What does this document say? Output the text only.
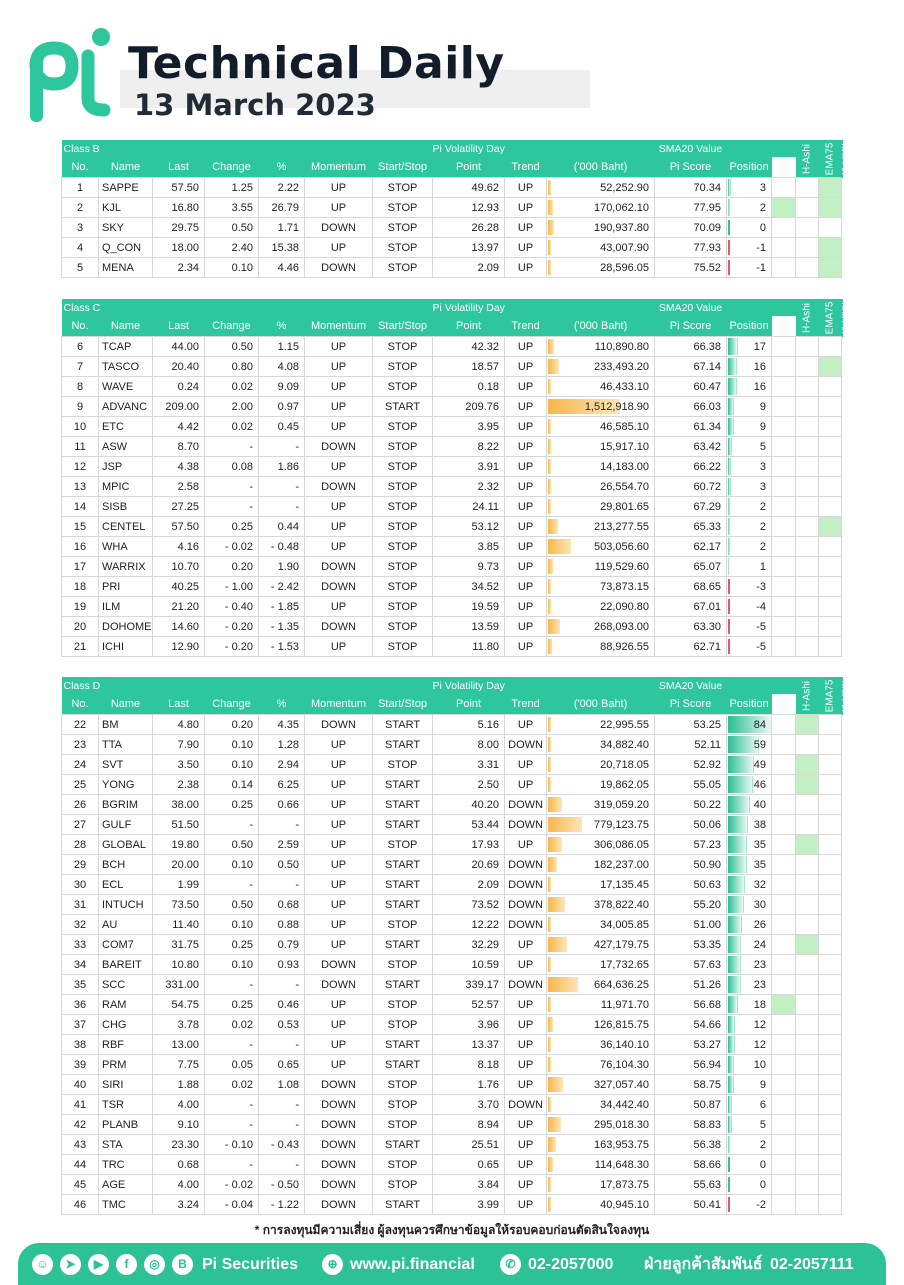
Technical Daily
13 March 2023
Class B							Pi Volatility Day			SMA20 Value			H-Ashi	EMA75

No.	Name	Last	Change	%	Momentum	Start/Stop	Point	Trend	('000 Baht)	Pi Score	Position				
1	SAPPE	57.50	1.25	2.22	UP	STOP	49.62	UP	52,252.90	70.34	3				
2	KJL	16.80	3.55	26.79	UP	STOP	12.93	UP	170,062.10	77.95	2				
3	SKY	29.75	0.50	1.71	DOWN	STOP	26.28	UP	190,937.80	70.09	0				
4	Q_CON	18.00	2.40	15.38	UP	STOP	13.97	UP	43,007.90	77.93	-1				
5	MENA	2.34	0.10	4.46	DOWN	STOP	2.09	UP	28,596.05	75.52	-1				
Class C							Pi Volatility Day			SMA20 Value			H-Ashi	EMA75

No.	Name	Last	Change	%	Momentum	Start/Stop	Point	Trend	('000 Baht)	Pi Score	Position				
6	TCAP	44.00	0.50	1.15	UP	STOP	42.32	UP	110,890.80	66.38	17				
7	TASCO	20.40	0.80	4.08	UP	STOP	18.57	UP	233,493.20	67.14	16				
8	WAVE	0.24	0.02	9.09	UP	STOP	0.18	UP	46,433.10	60.47	16				
9	ADVANC	209.00	2.00	0.97	UP	START	209.76	UP	1,512,918.90	66.03	9				
10	ETC	4.42	0.02	0.45	UP	STOP	3.95	UP	46,585.10	61.34	9				
11	ASW	8.70	-	-	DOWN	STOP	8.22	UP	15,917.10	63.42	5				
12	JSP	4.38	0.08	1.86	UP	STOP	3.91	UP	14,183.00	66.22	3				
13	MPIC	2.58	-	-	DOWN	STOP	2.32	UP	26,554.70	60.72	3				
14	SISB	27.25	-	-	UP	STOP	24.11	UP	29,801.65	67.29	2				
15	CENTEL	57.50	0.25	0.44	UP	STOP	53.12	UP	213,277.55	65.33	2				
16	WHA	4.16	- 0.02	- 0.48	UP	STOP	3.85	UP	503,056.60	62.17	2				
17	WARRIX	10.70	0.20	1.90	DOWN	STOP	9.73	UP	119,529.60	65.07	1				
18	PRI	40.25	- 1.00	- 2.42	DOWN	STOP	34.52	UP	73,873.15	68.65	-3				
19	ILM	21.20	- 0.40	- 1.85	UP	STOP	19.59	UP	22,090.80	67.01	-4				
20	DOHOME	14.60	- 0.20	- 1.35	DOWN	STOP	13.59	UP	268,093.00	63.30	-5				
21	ICHI	12.90	- 0.20	- 1.53	UP	STOP	11.80	UP	88,926.55	62.71	-5				
Class D							Pi Volatility Day			SMA20 Value			H-Ashi	EMA75

No.	Name	Last	Change	%	Momentum	Start/Stop	Point	Trend	('000 Baht)	Pi Score	Position				
22	BM	4.80	0.20	4.35	DOWN	START	5.16	UP	22,995.55	53.25	84				
23	TTA	7.90	0.10	1.28	UP	START	8.00	DOWN	34,882.40	52.11	59				
24	SVT	3.50	0.10	2.94	UP	STOP	3.31	UP	20,718.05	52.92	49				
25	YONG	2.38	0.14	6.25	UP	START	2.50	UP	19,862.05	55.05	46				
26	BGRIM	38.00	0.25	0.66	UP	START	40.20	DOWN	319,059.20	50.22	40				
27	GULF	51.50	-	-	UP	START	53.44	DOWN	779,123.75	50.06	38				
28	GLOBAL	19.80	0.50	2.59	UP	STOP	17.93	UP	306,086.05	57.23	35				
29	BCH	20.00	0.10	0.50	UP	START	20.69	DOWN	182,237.00	50.90	35				
30	ECL	1.99	-	-	UP	START	2.09	DOWN	17,135.45	50.63	32				
31	INTUCH	73.50	0.50	0.68	UP	START	73.52	DOWN	378,822.40	55.20	30				
32	AU	11.40	0.10	0.88	UP	STOP	12.22	DOWN	34,005.85	51.00	26				
33	COM7	31.75	0.25	0.79	UP	START	32.29	UP	427,179.75	53.35	24				
34	BAREIT	10.80	0.10	0.93	DOWN	STOP	10.59	UP	17,732.65	57.63	23				
35	SCC	331.00	-	-	DOWN	START	339.17	DOWN	664,636.25	51.26	23				
36	RAM	54.75	0.25	0.46	UP	STOP	52.57	UP	11,971.70	56.68	18				
37	CHG	3.78	0.02	0.53	UP	STOP	3.96	UP	126,815.75	54.66	12				
38	RBF	13.00	-	-	UP	START	13.37	UP	36,140.10	53.27	12				
39	PRM	7.75	0.05	0.65	UP	START	8.18	UP	76,104.30	56.94	10				
40	SIRI	1.88	0.02	1.08	DOWN	STOP	1.76	UP	327,057.40	58.75	9				
41	TSR	4.00	-	-	DOWN	STOP	3.70	DOWN	34,442.40	50.87	6				
42	PLANB	9.10	-	-	DOWN	STOP	8.94	UP	295,018.30	58.83	5				
43	STA	23.30	- 0.10	- 0.43	DOWN	START	25.51	UP	163,953.75	56.38	2				
44	TRC	0.68	-	-	DOWN	STOP	0.65	UP	114,648.30	58.66	0				
45	AGE	4.00	- 0.02	- 0.50	DOWN	STOP	3.84	UP	17,873.75	55.63	0				
46	TMC	3.24	- 0.04	- 1.22	DOWN	START	3.99	UP	40,945.10	50.41	-2				
* การลงทุนมีความเสี่ยง ผู้ลงทุนควรศึกษาข้อมูลให้รอบคอบก่อนตัดสินใจลงทุน
☺	➤	▶	f	◎	B Pi Securities	⊕ www.pi.financial	✆ 02-2057000 ฝ่ายลูกค้าสัมพันธ์ 02-2057111
